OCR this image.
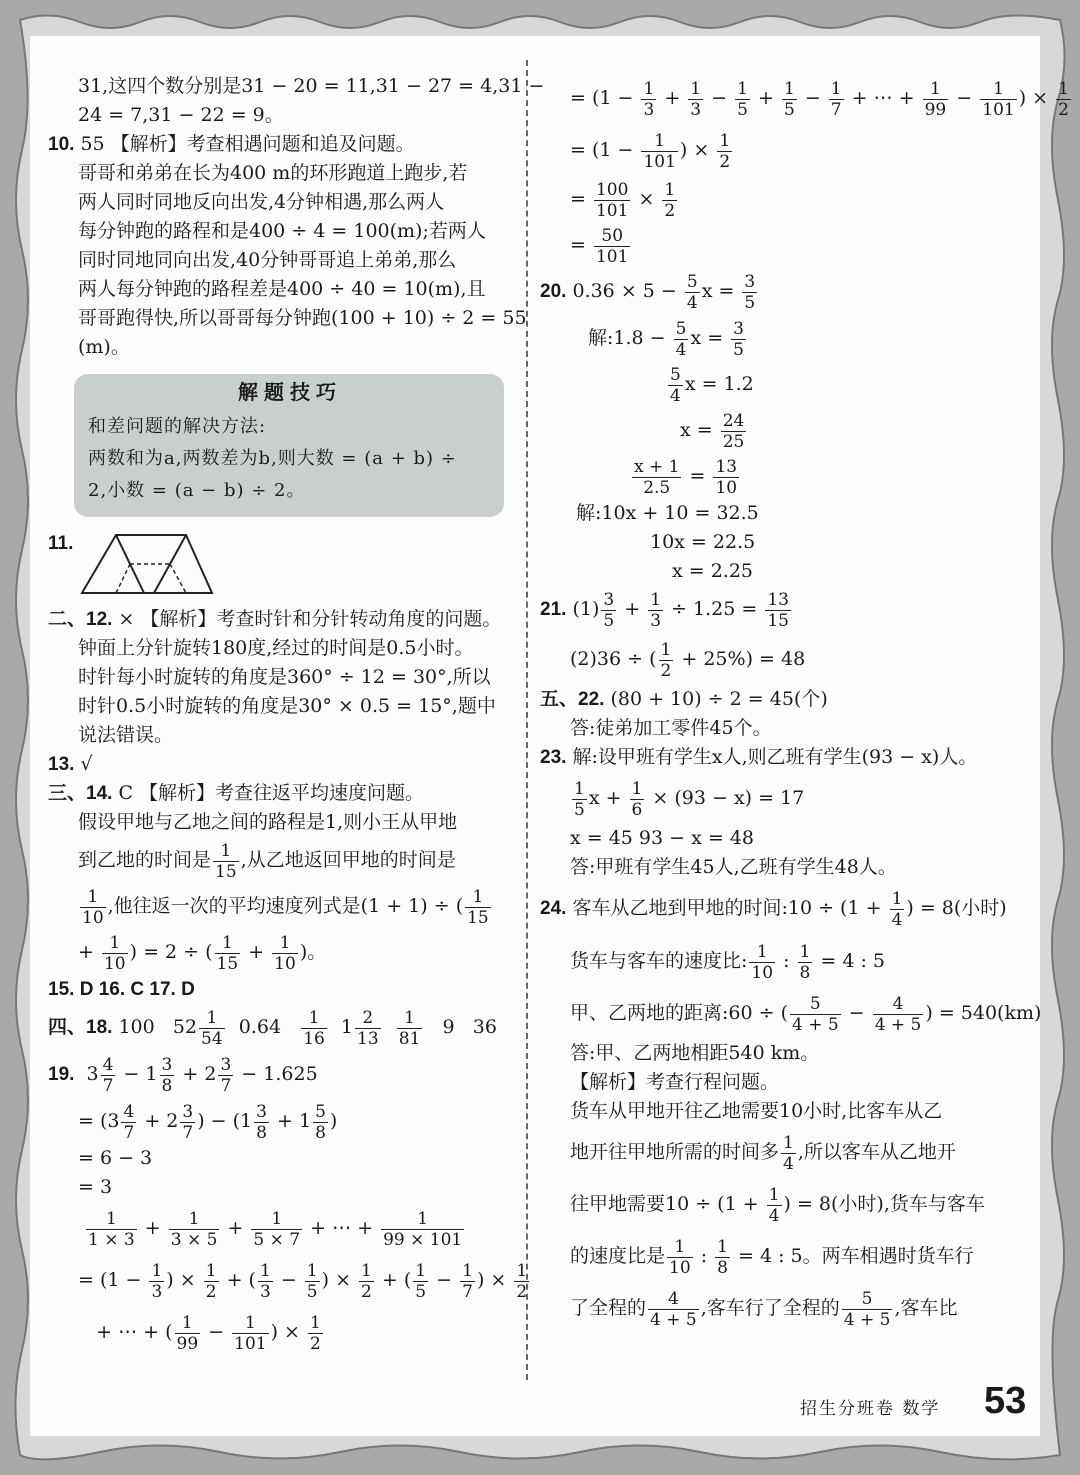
31,这四个数分别是31 − 20 = 11,31 − 27 = 4,31 −
24 = 7,31 − 22 = 9。
10. 55 【解析】考查相遇问题和追及问题。
哥哥和弟弟在长为400 m的环形跑道上跑步,若
两人同时同地反向出发,4分钟相遇,那么两人
每分钟跑的路程和是400 ÷ 4 = 100(m);若两人
同时同地同向出发,40分钟哥哥追上弟弟,那么
两人每分钟跑的路程差是400 ÷ 40 = 10(m),且
哥哥跑得快,所以哥哥每分钟跑(100 + 10) ÷ 2 = 55
(m)。
解题技巧
和差问题的解决方法:
两数和为a,两数差为b,则大数 = (a + b) ÷
2,小数 = (a − b) ÷ 2。
11.
二、12. × 【解析】考查时针和分针转动角度的问题。
钟面上分针旋转180度,经过的时间是0.5小时。
时针每小时旋转的角度是360° ÷ 12 = 30°,所以
时针0.5小时旋转的角度是30° × 0.5 = 15°,题中
说法错误。
13. √
三、14. C 【解析】考查往返平均速度问题。
假设甲地与乙地之间的路程是1,则小王从甲地
到乙地的时间是 $\frac{1}{15}$ ,从乙地返回甲地的时间是
$\frac{1}{10}$ ,他往返一次的平均速度列式是(1 + 1) ÷ ( $\frac{1}{15}$
+ $\frac{1}{10}$ ) = 2 ÷ ( $\frac{1}{15} + \frac{1}{10}$ )。
15. D 16. C 17. D
四、18. 100   $52 \frac{1}{54} 0.64 \frac{1}{16} 1 \frac{2}{13}$
$\frac{1}{81} 9$ 36
19.  $3 \frac{4}{7} - 1 \frac{3}{8} + 2 \frac{3}{7} - 1.625$
= ($3 \frac{4}{7} + 2 \frac{3}{7}$ ) − ($1 \frac{3}{8} + 1 \frac{5}{8}$ )
= 6 − 3
= 3

$\frac{1}{1 \times 3} + \frac{1}{3 \times 5} + \frac{1}{5 \times 7}$ + ⋯ + $\frac{1}{99 \times 101}$
= ($1 - \frac{1}{3}$ ) × $\frac{1}{2}$ + ( $\frac{1}{3} - \frac{1}{5}$ ) × $\frac{1}{2}$ + ( $\frac{1}{5} - \frac{1}{7}$ ) × $\frac{1}{2}$
+ ⋯ + ( $\frac{1}{99} - \frac{1}{101}$ ) × $\frac{1}{2}$
= ($1 - \frac{1}{3} + \frac{1}{3} - \frac{1}{5} + \frac{1}{5} - \frac{1}{7}$ + ⋯ + $\frac{1}{99} - \frac{1}{101}$ ) × $\frac{1}{2}$
= ($1 - \frac{1}{101}$ ) × $\frac{1}{2}$
= $\frac{100}{101} \times \frac{1}{2}$
= $\frac{50}{101}$
20. $0.36 \times 5 - \frac{5}{4}$ $x = \frac{3}{5}$
解:1.8 − $\frac{5}{4}$ $x = \frac{3}{5}$
$\frac{5}{4}$ x = 1.2
$x = \frac{24}{25}$
$\frac{x + 1}{2.5} = \frac{13}{10}$
解:10x + 10 = 32.5
10x = 22.5
x = 2.25
21. $(1) \frac{3}{5} + \frac{1}{3} \div 1.25 = \frac{13}{15}$
(2)36 ÷ ( $\frac{1}{2} + 25\%) = 48$
五、22. (80 + 10) ÷ 2 = 45(个)
答:徒弟加工零件45个。
23. 解:设甲班有学生x人,则乙班有学生(93 − x)人。
$\frac{1}{5}$ $x + \frac{1}{6} \times (93 - x) = 17$
x = 45 93 − x = 48
答:甲班有学生45人,乙班有学生48人。
24. 客车从乙地到甲地的时间:10 ÷ ($1 + \frac{1}{4}$ ) = 8(小时)
货车与客车的速度比: $\frac{1}{10}$ : $\frac{1}{8} = 4$ : 5
甲、乙两地的距离:60 ÷ ( $\frac{5}{4 + 5} - \frac{4}{4 + 5}$ ) = 540(km)
答:甲、乙两地相距540 km。
【解析】考查行程问题。
货车从甲地开往乙地需要10小时,比客车从乙
地开往甲地所需的时间多 $\frac{1}{4}$ ,所以客车从乙地开
往甲地需要$10 \div (1 + \frac{1}{4}$ ) = 8(小时),货车与客车
的速度比是 $\frac{1}{10}$ : $\frac{1}{8} = 4$ : 5。两车相遇时货车行
了全程的 $\frac{4}{4 + 5}$ ,客车行了全程的 $\frac{5}{4 + 5}$ ,客车比
招生分班卷 数学 53
